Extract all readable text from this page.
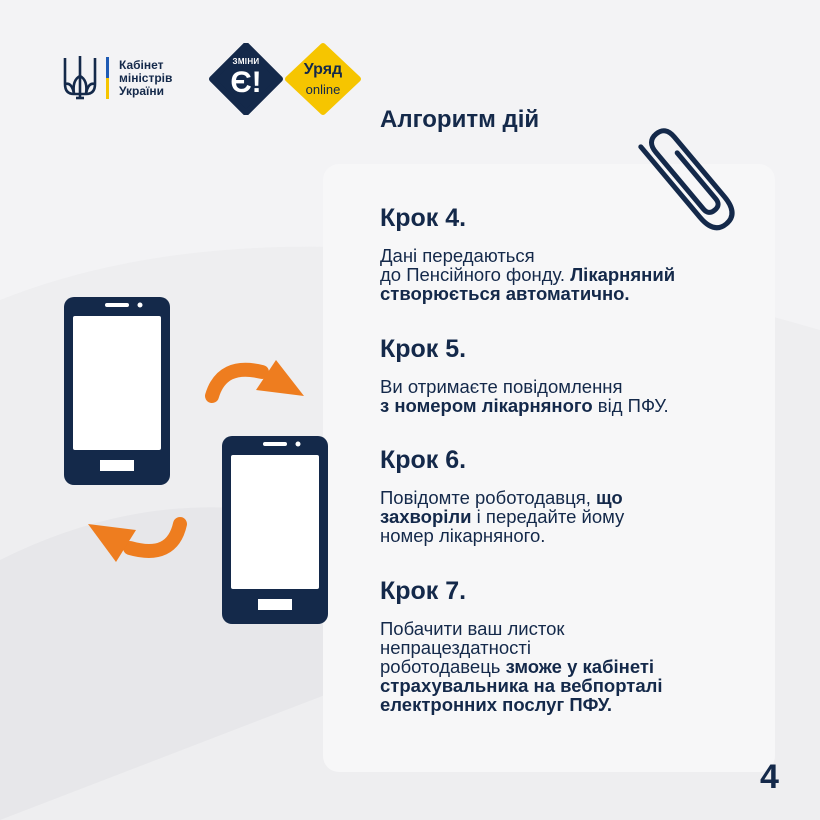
Кабінет
міністрів
України
ЗМІНИ
Є!	Уряд
online
Алгоритм дій
Крок 4.
Дані передаються
до Пенсійного фонду. Лікарняний
створюється автоматично.
Крок 5.
Ви отримаєте повідомлення
з номером лікарняного від ПФУ.
Крок 6.
Повідомте роботодавця, що
захворіли і передайте йому
номер лікарняного.
Крок 7.
Побачити ваш листок
непрацездатності
роботодавець зможе у кабінеті
страхувальника на вебпорталі
електронних послуг ПФУ.
4
